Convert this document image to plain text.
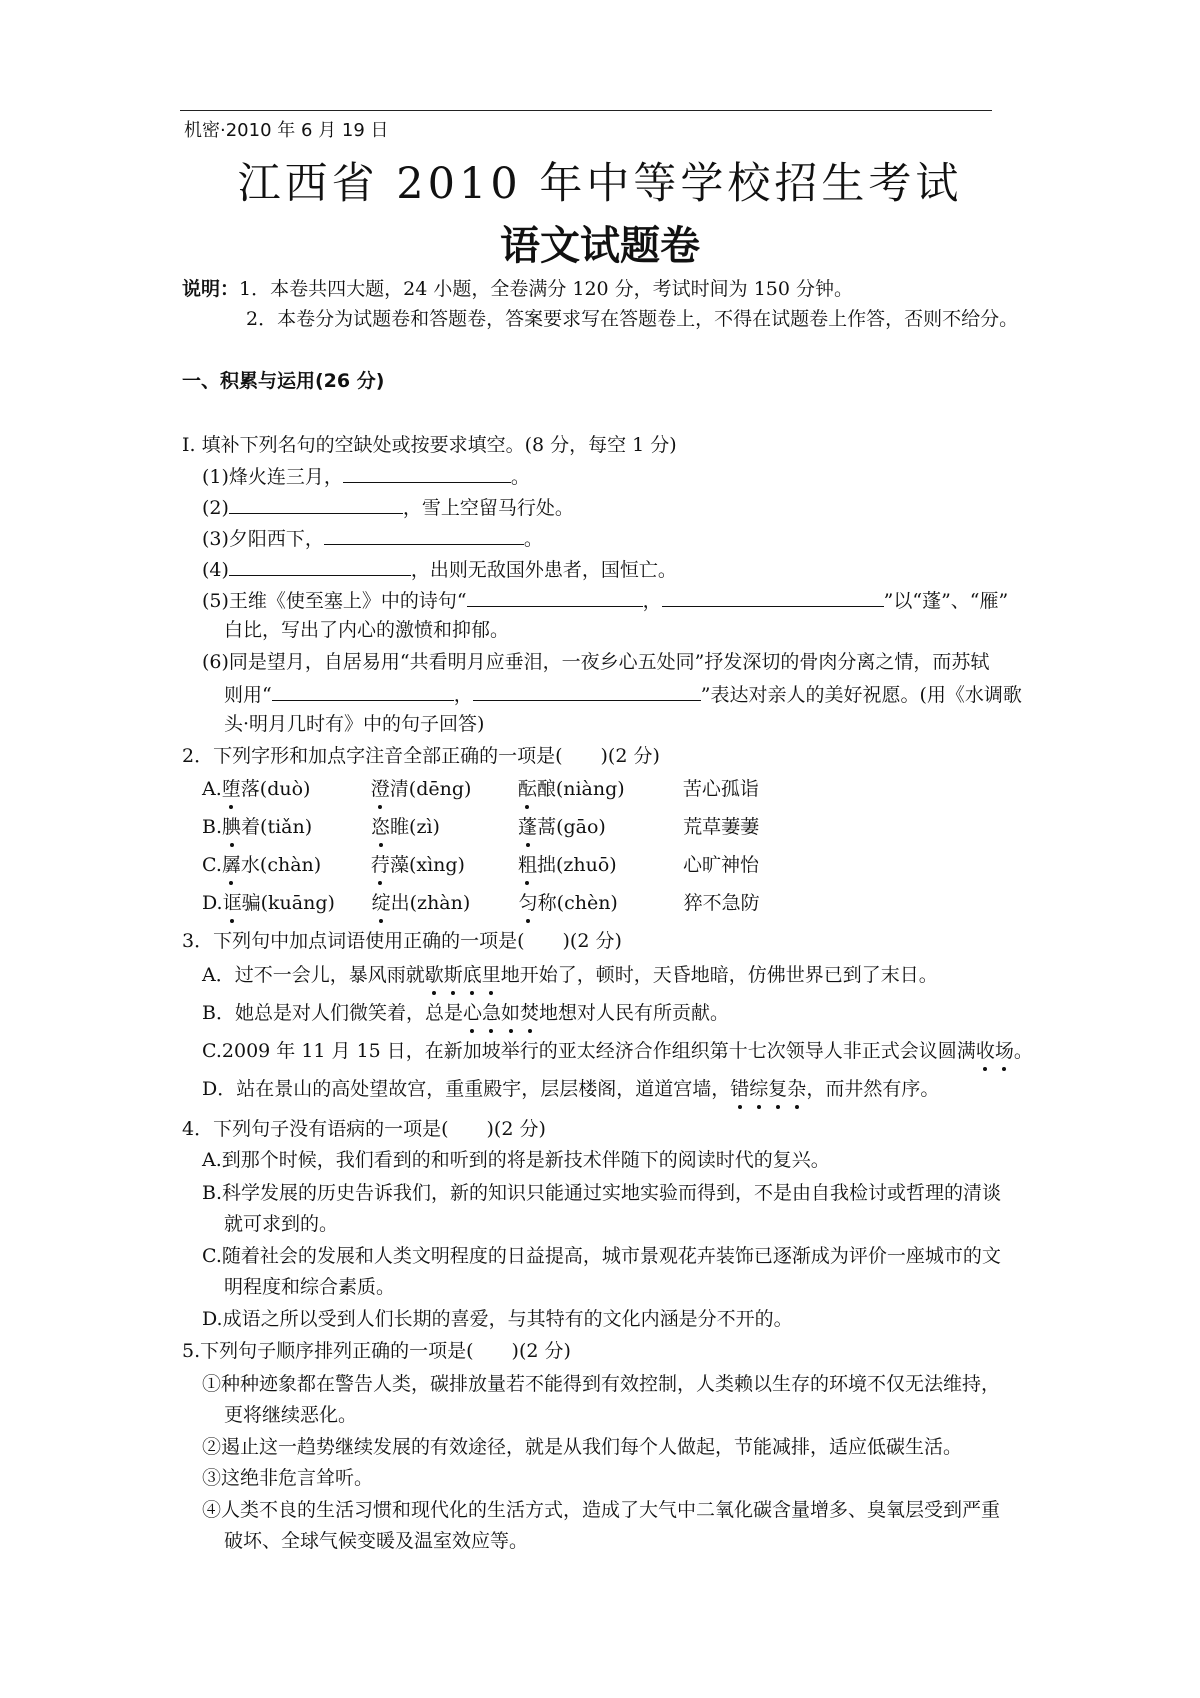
机密·2010 年 6 月 19 日
江西省 2010 年中等学校招生考试
语文试题卷
说明：1．本卷共四大题，24 小题，全卷满分 120 分，考试时间为 150 分钟。
2．本卷分为试题卷和答题卷，答案要求写在答题卷上，不得在试题卷上作答，否则不给分。
一、积累与运用(26 分)
I. 填补下列名句的空缺处或按要求填空。(8 分，每空 1 分)
(1)烽火连三月，	。
(2)	，雪上空留马行处。
(3)夕阳西下，	。
(4)	，出则无敌国外患者，国恒亡。
(5)王维《使至塞上》中的诗句“	，	”以“蓬”、“雁”
白比，写出了内心的激愤和抑郁。
(6)同是望月，自居易用“共看明月应垂泪，一夜乡心五处同”抒发深切的骨肉分离之情，而苏轼
则用“	，	”表达对亲人的美好祝愿。(用《水调歌
头·明月几时有》中的句子回答)
2．下列字形和加点字注音全部正确的一项是(　　)(2 分)
A.堕落(duò)	澄清(dēng) 酝酿(niàng)	苦心孤诣
B.腆着(tiǎn)	恣睢(zì)	蓬蒿(gāo)	荒草萋萋
C.羼水(chàn)	荇藻(xìng)	粗拙(zhuō)	心旷神怡
D.诓骗(kuāng) 绽出(zhàn)	匀称(chèn)	猝不急防
3．下列句中加点词语使用正确的一项是(　　)(2 分)
A．过不一会儿，暴风雨就歇斯底里地开始了，顿时，天昏地暗，仿佛世界已到了末日。
B．她总是对人们微笑着，总是心急如焚地想对人民有所贡献。
C.2009 年 11 月 15 日，在新加坡举行的亚太经济合作组织第十七次领导人非正式会议圆满收场。
D．站在景山的高处望故宫，重重殿宇，层层楼阁，道道宫墙，错综复杂，而井然有序。
4．下列句子没有语病的一项是(　　)(2 分)
A.到那个时候，我们看到的和听到的将是新技术伴随下的阅读时代的复兴。
B.科学发展的历史告诉我们，新的知识只能通过实地实验而得到，不是由自我检讨或哲理的清谈
就可求到的。
C.随着社会的发展和人类文明程度的日益提高，城市景观花卉装饰已逐渐成为评价一座城市的文
明程度和综合素质。
D.成语之所以受到人们长期的喜爱，与其特有的文化内涵是分不开的。
5.下列句子顺序排列正确的一项是(　　)(2 分)
①种种迹象都在警告人类，碳排放量若不能得到有效控制，人类赖以生存的环境不仅无法维持，
更将继续恶化。
②遏止这一趋势继续发展的有效途径，就是从我们每个人做起，节能减排，适应低碳生活。
③这绝非危言耸听。
④人类不良的生活习惯和现代化的生活方式，造成了大气中二氧化碳含量增多、臭氧层受到严重
破坏、全球气候变暖及温室效应等。
